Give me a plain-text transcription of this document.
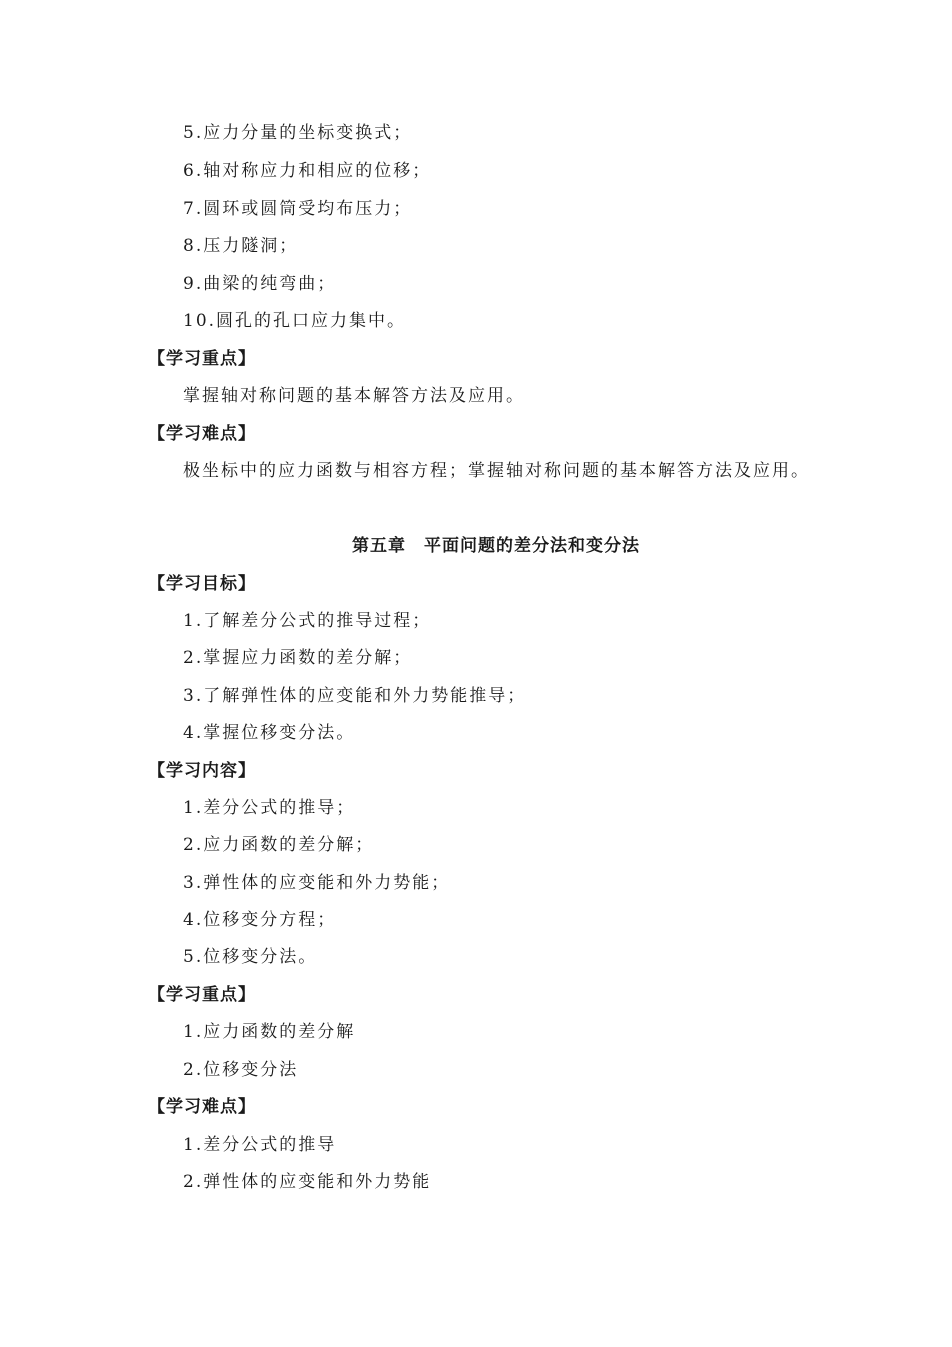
5.应力分量的坐标变换式；
6.轴对称应力和相应的位移；
7.圆环或圆筒受均布压力；
8.压力隧洞；
9.曲梁的纯弯曲；
10.圆孔的孔口应力集中。
【学习重点】
掌握轴对称问题的基本解答方法及应用。
【学习难点】
极坐标中的应力函数与相容方程；掌握轴对称问题的基本解答方法及应用。
第五章　平面问题的差分法和变分法
【学习目标】
1.了解差分公式的推导过程；
2.掌握应力函数的差分解；
3.了解弹性体的应变能和外力势能推导；
4.掌握位移变分法。
【学习内容】
1.差分公式的推导；
2.应力函数的差分解；
3.弹性体的应变能和外力势能；
4.位移变分方程；
5.位移变分法。
【学习重点】
1.应力函数的差分解
2.位移变分法
【学习难点】
1.差分公式的推导
2.弹性体的应变能和外力势能
